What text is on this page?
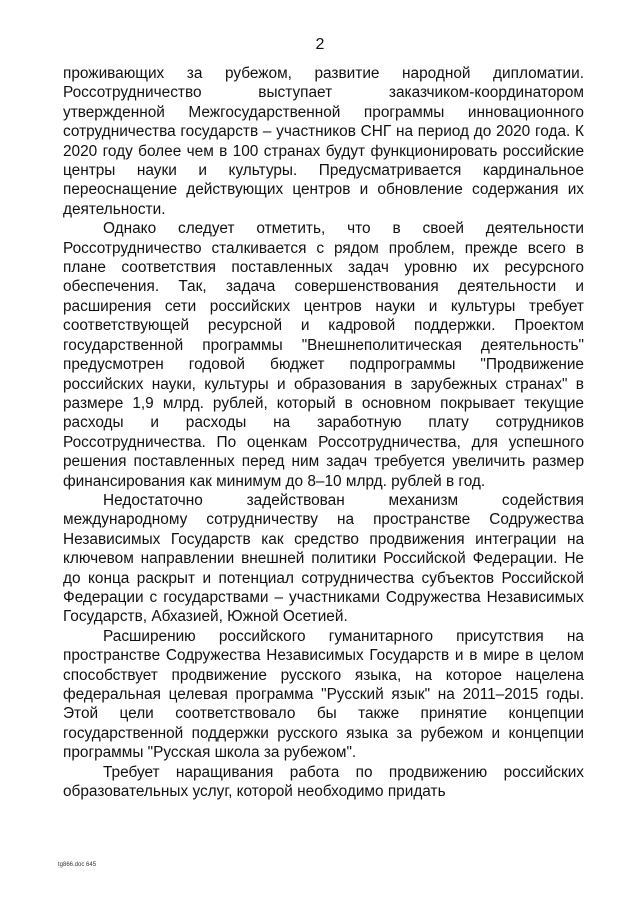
2

проживающих за рубежом, развитие народной дипломатии. Россотрудничество выступает заказчиком-координатором утвержденной Межгосударственной программы инновационного сотрудничества государств – участников СНГ на период до 2020 года. К 2020 году более чем в 100 странах будут функционировать российские центры науки и культуры. Предусматривается кардинальное переоснащение действующих центров и обновление содержания их деятельности.

Однако следует отметить, что в своей деятельности Россотрудничество сталкивается с рядом проблем, прежде всего в плане соответствия поставленных задач уровню их ресурсного обеспечения. Так, задача совершенствования деятельности и расширения сети российских центров науки и культуры требует соответствующей ресурсной и кадровой поддержки. Проектом государственной программы "Внешнеполитическая деятельность" предусмотрен годовой бюджет подпрограммы "Продвижение российских науки, культуры и образования в зарубежных странах" в размере 1,9 млрд. рублей, который в основном покрывает текущие расходы и расходы на заработную плату сотрудников Россотрудничества. По оценкам Россотрудничества, для успешного решения поставленных перед ним задач требуется увеличить размер финансирования как минимум до 8–10 млрд. рублей в год.

Недостаточно задействован механизм содействия международному сотрудничеству на пространстве Содружества Независимых Государств как средство продвижения интеграции на ключевом направлении внешней политики Российской Федерации. Не до конца раскрыт и потенциал сотрудничества субъектов Российской Федерации с государствами – участниками Содружества Независимых Государств, Абхазией, Южной Осетией.

Расширению российского гуманитарного присутствия на пространстве Содружества Независимых Государств и в мире в целом способствует продвижение русского языка, на которое нацелена федеральная целевая программа "Русский язык" на 2011–2015 годы. Этой цели соответствовало бы также принятие концепции государственной поддержки русского языка за рубежом и концепции программы "Русская школа за рубежом".

Требует наращивания работа по продвижению российских образовательных услуг, которой необходимо придать

tg866.doc 645
